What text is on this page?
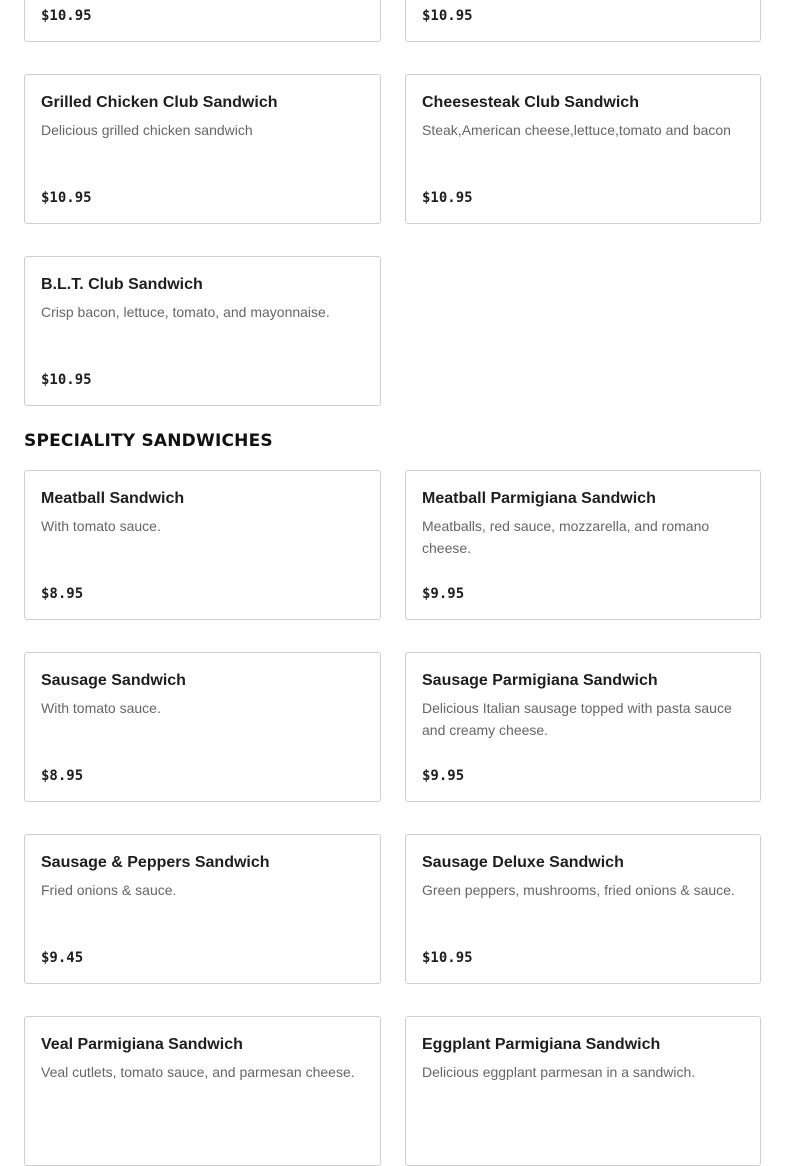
$10.95	$10.95
Grilled Chicken Club Sandwich
Delicious grilled chicken sandwich
$10.95
Cheesesteak Club Sandwich
Steak,American cheese,lettuce,tomato and bacon
$10.95
B.L.T. Club Sandwich
Crisp bacon, lettuce, tomato, and mayonnaise.
$10.95
SPECIALITY SANDWICHES
Meatball Sandwich
With tomato sauce.
$8.95
Meatball Parmigiana Sandwich
Meatballs, red sauce, mozzarella, and romano cheese.
$9.95
Sausage Sandwich
With tomato sauce.
$8.95
Sausage Parmigiana Sandwich
Delicious Italian sausage topped with pasta sauce and creamy cheese.
$9.95
Sausage & Peppers Sandwich
Fried onions & sauce.
$9.45
Sausage Deluxe Sandwich
Green peppers, mushrooms, fried onions & sauce.
$10.95
Veal Parmigiana Sandwich
Veal cutlets, tomato sauce, and parmesan cheese.
Eggplant Parmigiana Sandwich
Delicious eggplant parmesan in a sandwich.
